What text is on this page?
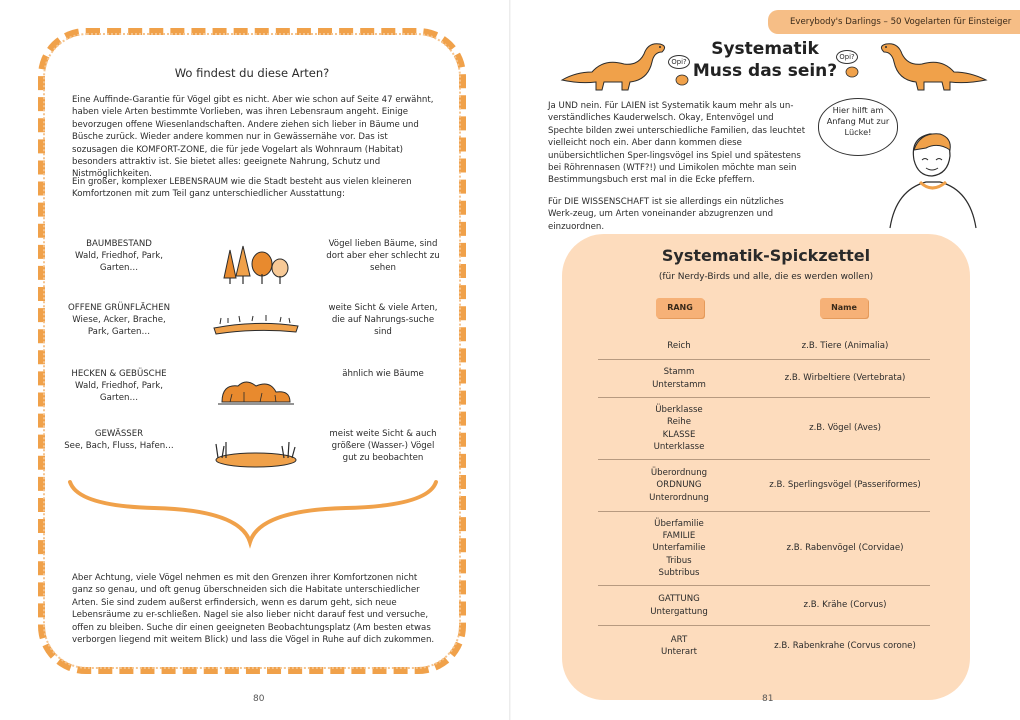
Wo findest du diese Arten?
Eine Auffinde-Garantie für Vögel gibt es nicht. Aber wie schon auf Seite 47 erwähnt, haben viele Arten bestimmte Vorlieben, was ihren Lebensraum angeht. Einige bevorzugen offene Wiesenlandschaften. Andere ziehen sich lieber in Bäume und Büsche zurück. Wieder andere kommen nur in Gewässernähe vor. Das ist sozusagen die KOMFORT-ZONE, die für jede Vogelart als Wohnraum (Habitat) besonders attraktiv ist. Sie bietet alles: geeignete Nahrung, Schutz und Nistmöglichkeiten.
Ein großer, komplexer LEBENSRAUM wie die Stadt besteht aus vielen kleineren Komfortzonen mit zum Teil ganz unterschiedlicher Ausstattung:
BAUMBESTAND
Wald, Friedhof, Park, Garten…
Vögel lieben Bäume, sind dort aber eher schlecht zu sehen
OFFENE GRÜNFLÄCHEN
Wiese, Acker, Brache, Park, Garten…
weite Sicht & viele Arten, die auf Nahrungs-suche sind
HECKEN & GEBÜSCHE
Wald, Friedhof, Park, Garten…
ähnlich wie Bäume
GEWÄSSER
See, Bach, Fluss, Hafen…
meist weite Sicht & auch größere (Wasser-) Vögel gut zu beobachten
Aber Achtung, viele Vögel nehmen es mit den Grenzen ihrer Komfortzonen nicht ganz so genau, und oft genug überschneiden sich die Habitate unterschiedlicher Arten. Sie sind zudem außerst erfindersich, wenn es darum geht, sich neue Lebensräume zu er-schließen. Nagel sie also lieber nicht darauf fest und versuche, offen zu bleiben. Suche dir einen geeigneten Beobachtungsplatz (Am besten etwas verborgen liegend mit weitem Blick) und lass die Vögel in Ruhe auf dich zukommen.
80
Everybody's Darlings – 50 Vogelarten für Einsteiger
Opi?
Systematik
Muss das sein?
Opi?
Ja UND nein. Für LAIEN ist Systematik kaum mehr als un-verständliches Kauderwelsch. Okay, Entenvögel und Spechte bilden zwei unterschiedliche Familien, das leuchtet vielleicht noch ein. Aber dann kommen diese unübersichtlichen Sper-lingsvögel ins Spiel und spätestens bei Röhrennasen (WTF?!) und Limikolen möchte man sein Bestimmungsbuch erst mal in die Ecke pfeffern.
Für DIE WISSENSCHAFT ist sie allerdings ein nützliches Werk-zeug, um Arten voneinander abzugrenzen und einzuordnen.
Hier hilft am Anfang Mut zur Lücke!
Systematik-Spickzettel
(für Nerdy-Birds und alle, die es werden wollen)
RANG	Name
Reich	z.B. Tiere (Animalia)
Stamm
Unterstamm
z.B. Wirbeltiere (Vertebrata)
Überklasse
Reihe
KLASSE
Unterklasse
z.B. Vögel (Aves)
Überordnung
ORDNUNG
Unterordnung
z.B. Sperlingsvögel (Passeriformes)
Überfamilie
FAMILIE
Unterfamilie
Tribus
Subtribus
z.B. Rabenvögel (Corvidae)
GATTUNG
Untergattung
z.B. Krähe (Corvus)
ART
Unterart
z.B. Rabenkrahe (Corvus corone)
81
